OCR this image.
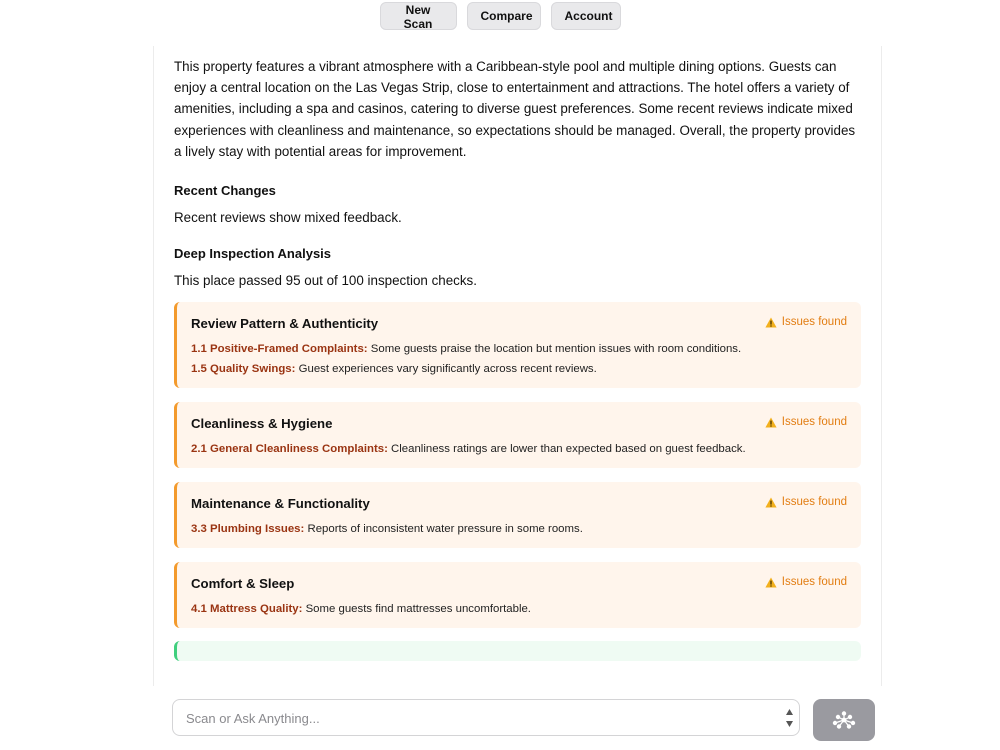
New Scan
Compare	Account

This property features a vibrant atmosphere with a Caribbean-style pool and multiple dining options. Guests can enjoy a central location on the Las Vegas Strip, close to entertainment and attractions. The hotel offers a variety of amenities, including a spa and casinos, catering to diverse guest preferences. Some recent reviews indicate mixed experiences with cleanliness and maintenance, so expectations should be managed. Overall, the property provides a lively stay with potential areas for improvement.

Recent Changes

Recent reviews show mixed feedback.

Deep Inspection Analysis

This place passed 95 out of 100 inspection checks.

Review Pattern & Authenticity	Issues found
1.1 Positive-Framed Complaints: Some guests praise the location but mention issues with room conditions.
1.5 Quality Swings: Guest experiences vary significantly across recent reviews.
Cleanliness & Hygiene	Issues found
2.1 General Cleanliness Complaints: Cleanliness ratings are lower than expected based on guest feedback.
Maintenance & Functionality	Issues found
3.3 Plumbing Issues: Reports of inconsistent water pressure in some rooms.
Comfort & Sleep	Issues found
4.1 Mattress Quality: Some guests find mattresses uncomfortable.
Scan or Ask Anything...
